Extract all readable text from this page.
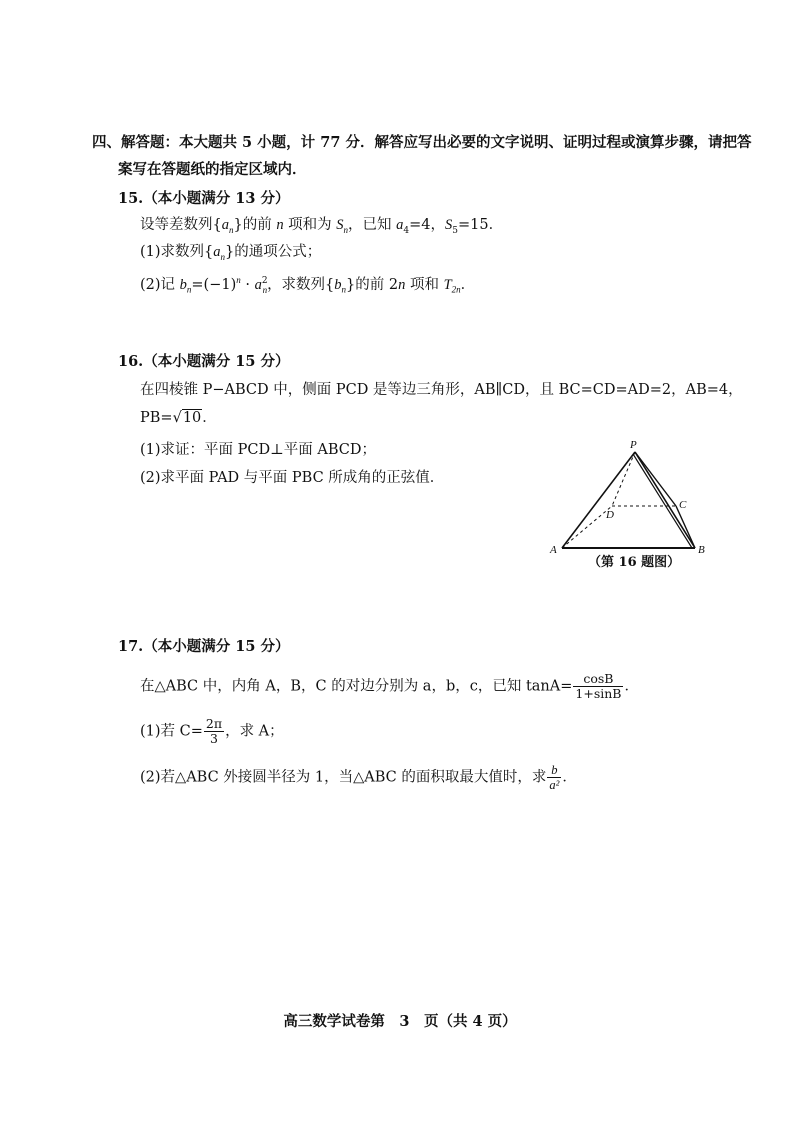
四、解答题：本大题共 5 小题，计 77 分．解答应写出必要的文字说明、证明过程或演算步骤，请把答
案写在答题纸的指定区域内．
15.（本小题满分 13 分）
设等差数列$\{a_n\}$的前 n 项和为 $S_n$，已知 $a_4=4$，$S_5=15$．
(1)求数列$\{a_n\}$的通项公式；
(2)记 $b_n=(-1)^n \cdot a^2_n$，求数列$\{b_n\}$的前 2n 项和 $T_{2n}$．
16.（本小题满分 15 分）
在四棱锥 P−ABCD 中，侧面 PCD 是等边三角形，AB∥CD，且 BC=CD=AD=2，AB=4，
PB=√10．
(1)求证：平面 PCD⊥平面 ABCD；
(2)求平面 PAD 与平面 PBC 所成角的正弦值．
P
A	B
C
D
（第 16 题图）
17.（本小题满分 15 分）
在△ABC 中，内角 A，B，C 的对边分别为 a，b，c，已知 $\tan A= \frac{\cos B}{1+\sin B}$ ．
(1)若 $C= \frac{2\pi}{3}$ ，求 A；
(2)若△ABC 外接圆半径为 1，当△ABC 的面积取最大值时，求 $\frac{b}{\text{a²}}$ ．
高三数学试卷第　3　页（共 4 页）
